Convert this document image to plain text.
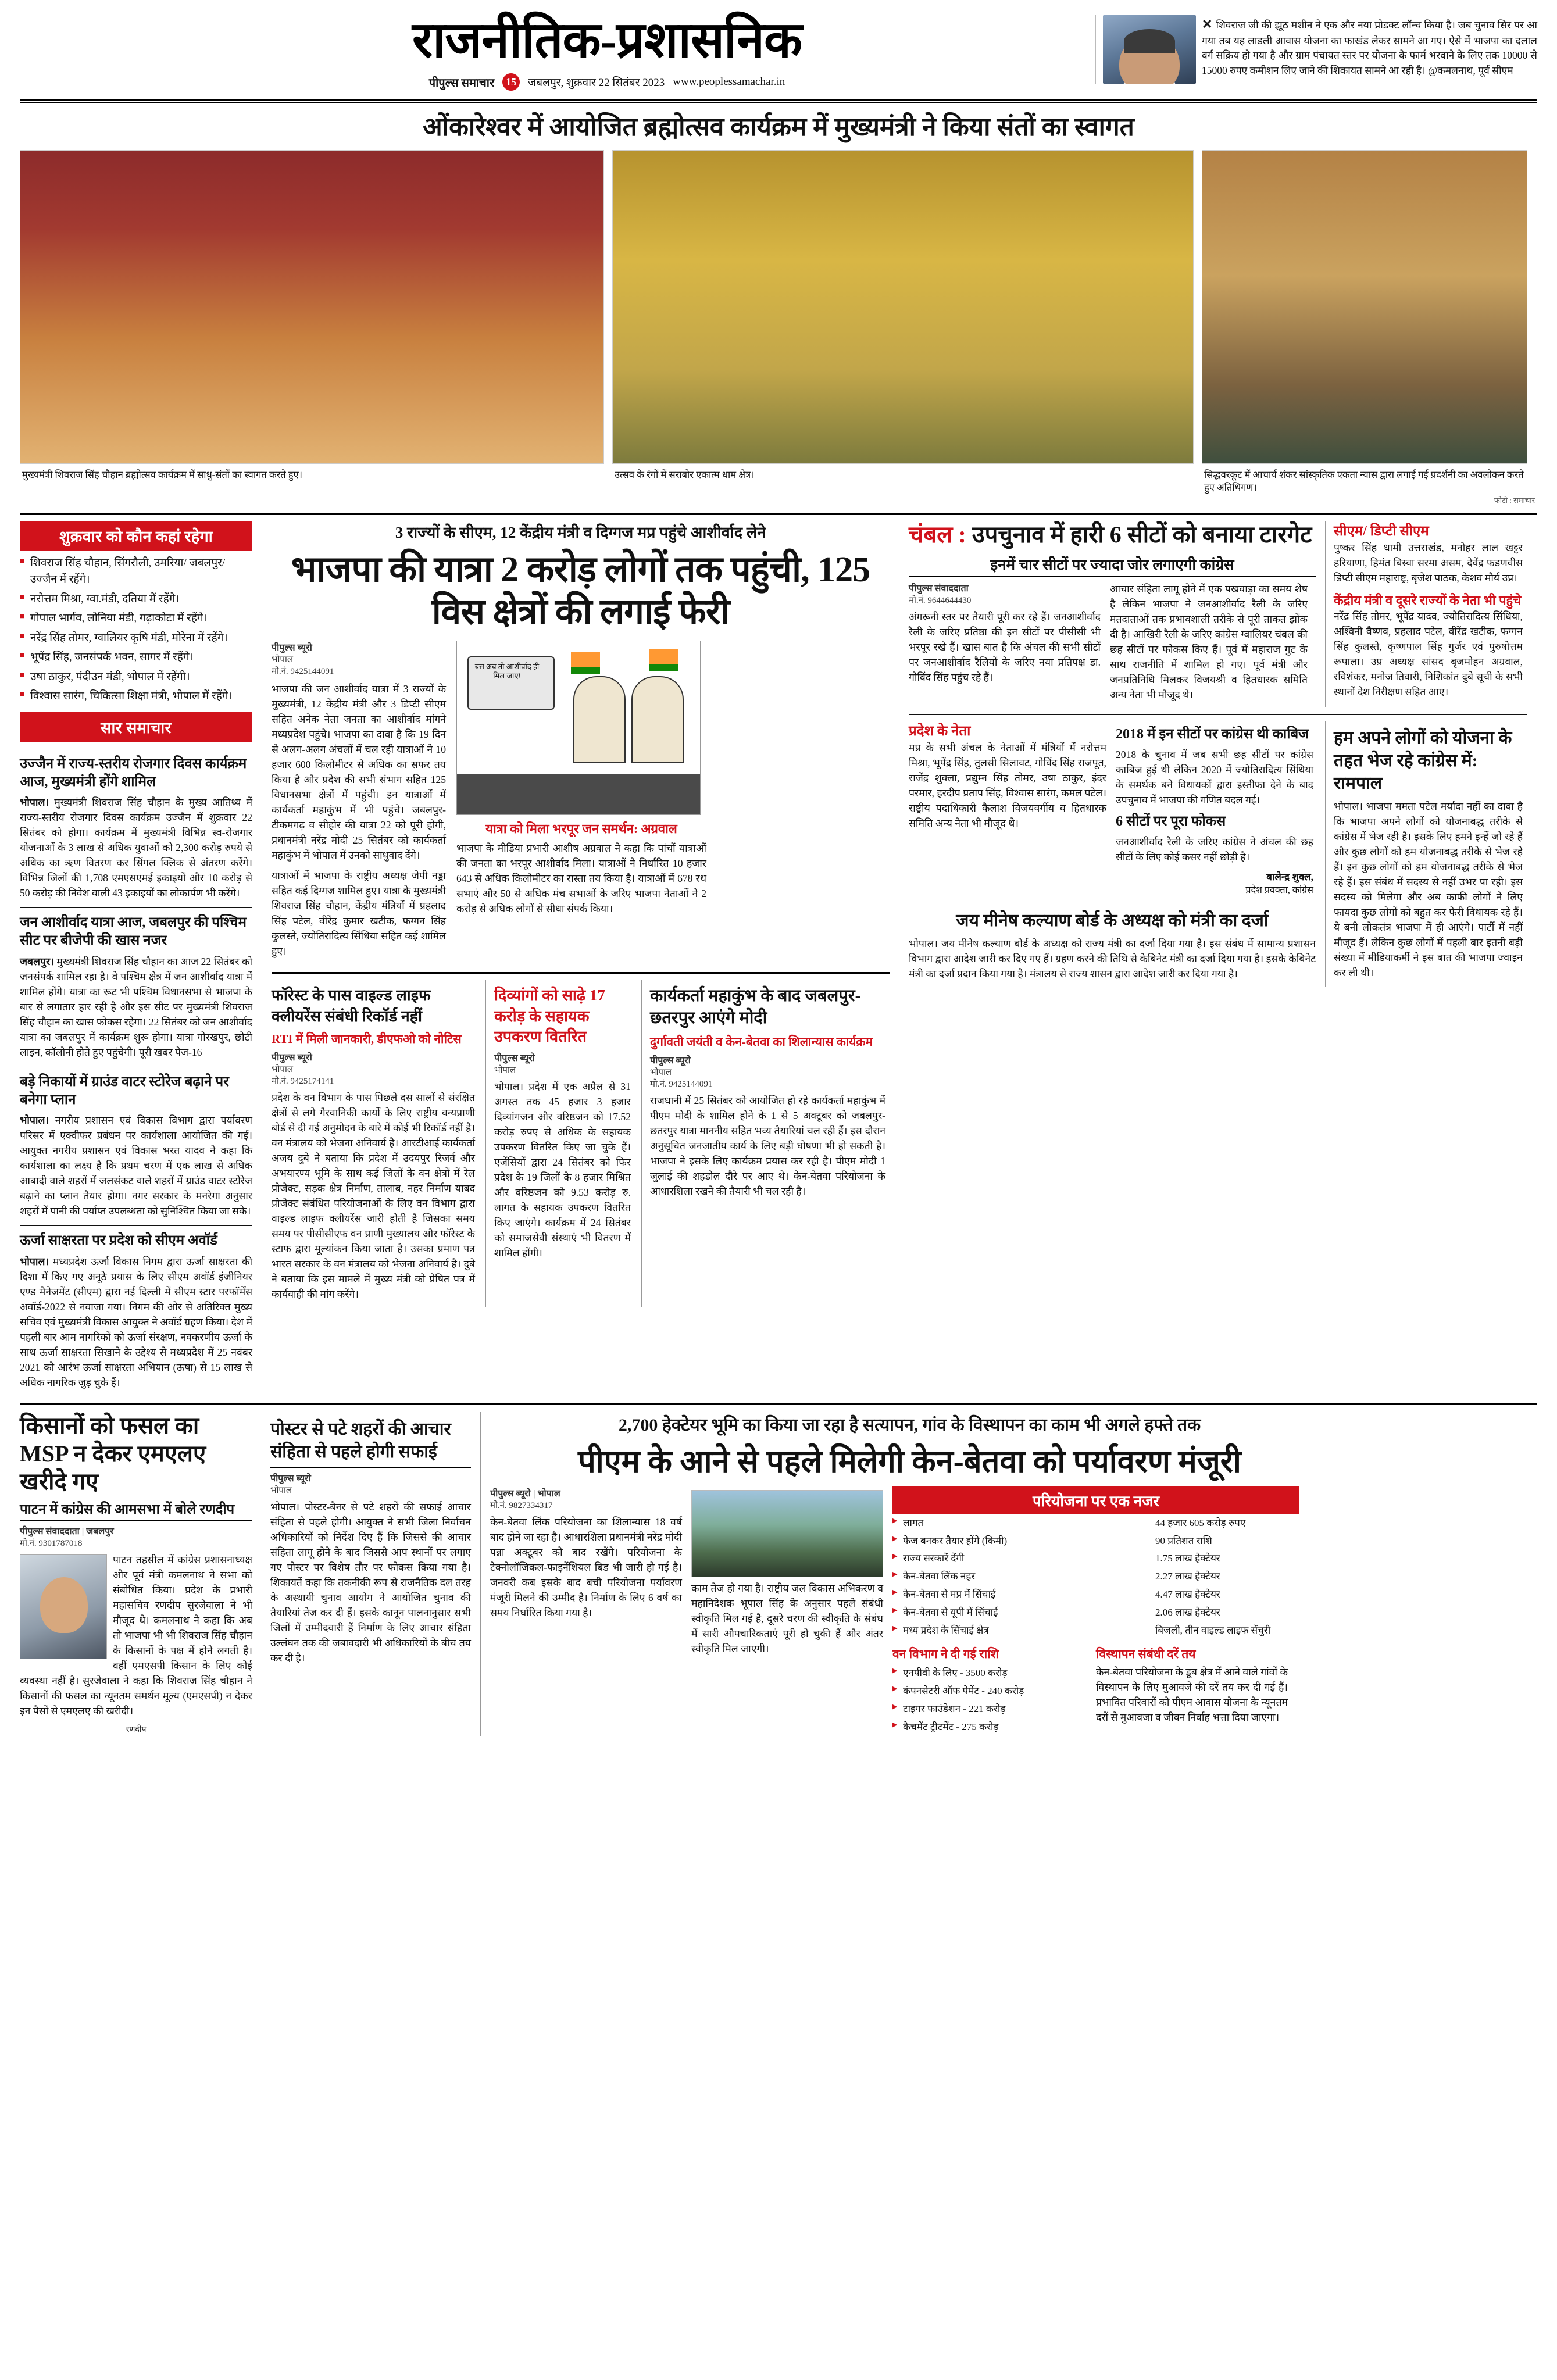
राजनीतिक-प्रशासनिक
पीपुल्स समाचार	15	जबलपुर, शुक्रवार 22 सितंबर 2023 www.peoplessamachar.in
✕ शिवराज जी की झूठ मशीन ने एक और नया प्रोडक्ट लॉन्च किया है। जब चुनाव सिर पर आ गया तब यह लाडली आवास योजना का फाखंड लेकर सामने आ गए। ऐसे में भाजपा का दलाल वर्ग सक्रिय हो गया है और ग्राम पंचायत स्तर पर योजना के फार्म भरवाने के लिए तक 10000 से 15000 रुपए कमीशन लिए जाने की शिकायत सामने आ रही है। @कमलनाथ, पूर्व सीएम
ओंकारेश्वर में आयोजित ब्रह्मोत्सव कार्यक्रम में मुख्यमंत्री ने किया संतों का स्वागत
मुख्यमंत्री शिवराज सिंह चौहान ब्रह्मोत्सव कार्यक्रम में साधु-संतों का स्वागत करते हुए।	उत्सव के रंगों में सराबोर एकात्म धाम क्षेत्र।	सिद्धवरकूट में आचार्य शंकर सांस्कृतिक एकता न्यास द्वारा लगाई गई प्रदर्शनी का अवलोकन करते हुए अतिथिगण।
फोटो : समाचार
शुक्रवार को कौन कहां रहेगा
■ शिवराज सिंह चौहान, सिंगरौली, उमरिया/ जबलपुर/ उज्जैन में रहेंगे।
■ नरोत्तम मिश्रा, ग्वा.मंडी, दतिया में रहेंगे।
■ गोपाल भार्गव, लोनिया मंडी, गढ़ाकोटा में रहेंगे।
■ नरेंद्र सिंह तोमर, ग्वालियर कृषि मंडी, मोरेना में रहेंगे।
■ भूपेंद्र सिंह, जनसंपर्क भवन, सागर में रहेंगे।
■ उषा ठाकुर, पंदीउन मंडी, भोपाल में रहेंगी।
■ विश्वास सारंग, चिकित्सा शिक्षा मंत्री, भोपाल में रहेंगे।
सार समाचार
उज्जैन में राज्य-स्तरीय रोजगार दिवस कार्यक्रम आज, मुख्यमंत्री होंगे शामिल

भोपाल। मुख्यमंत्री शिवराज सिंह चौहान के मुख्य आतिथ्य में राज्य-स्तरीय रोजगार दिवस कार्यक्रम उज्जैन में शुक्रवार 22 सितंबर को होगा। कार्यक्रम में मुख्यमंत्री विभिन्न स्व-रोजगार योजनाओं के 3 लाख से अधिक युवाओं को 2,300 करोड़ रुपये से अधिक का ऋण वितरण कर सिंगल क्लिक से अंतरण करेंगे। विभिन्न जिलों की 1,708 एमएसएमई इकाइयों और 10 करोड़ से 50 करोड़ की निवेश वाली 43 इकाइयों का लोकार्पण भी करेंगे।

जन आशीर्वाद यात्रा आज, जबलपुर की पश्चिम सीट पर बीजेपी की खास नजर

जबलपुर। मुख्यमंत्री शिवराज सिंह चौहान का आज 22 सितंबर को जनसंपर्क शामिल रहा है। वे पश्चिम क्षेत्र में जन आशीर्वाद यात्रा में शामिल होंगे। यात्रा का रूट भी पश्चिम विधानसभा से भाजपा के बार से लगातार हार रही है और इस सीट पर मुख्यमंत्री शिवराज सिंह चौहान का खास फोकस रहेगा। 22 सितंबर को जन आशीर्वाद यात्रा का जबलपुर में कार्यक्रम शुरू होगा। यात्रा गोरखपुर, छोटी लाइन, कॉलोनी होते हुए पहुंचेगी। पूरी खबर पेज-16

बड़े निकायों में ग्राउंड वाटर स्टोरेज बढ़ाने पर बनेगा प्लान

भोपाल। नगरीय प्रशासन एवं विकास विभाग द्वारा पर्यावरण परिसर में एक्वीफर प्रबंधन पर कार्यशाला आयोजित की गई। आयुक्त नगरीय प्रशासन एवं विकास भरत यादव ने कहा कि कार्यशाला का लक्ष्य है कि प्रथम चरण में एक लाख से अधिक आबादी वाले शहरों में जलसंकट वाले शहरों में ग्राउंड वाटर स्टोरेज बढ़ाने का प्लान तैयार होगा। नगर सरकार के मनरेगा अनुसार शहरों में पानी की पर्याप्त उपलब्धता को सुनिश्चित किया जा सके।

ऊर्जा साक्षरता पर प्रदेश को सीएम अवॉर्ड

भोपाल। मध्यप्रदेश ऊर्जा विकास निगम द्वारा ऊर्जा साक्षरता की दिशा में किए गए अनूठे प्रयास के लिए सीएम अवॉर्ड इंजीनियर एण्ड मैनेजमेंट (सीएम) द्वारा नई दिल्ली में सीएम स्टार परफॉर्मेंस अवॉर्ड-2022 से नवाजा गया। निगम की ओर से अतिरिक्त मुख्य सचिव एवं मुख्यमंत्री विकास आयुक्त ने अवॉर्ड ग्रहण किया। देश में पहली बार आम नागरिकों को ऊर्जा संरक्षण, नवकरणीय ऊर्जा के साथ ऊर्जा साक्षरता सिखाने के उद्देश्य से मध्यप्रदेश में 25 नवंबर 2021 को आरंभ ऊर्जा साक्षरता अभियान (ऊषा) से 15 लाख से अधिक नागरिक जुड़ चुके हैं।

3 राज्यों के सीएम, 12 केंद्रीय मंत्री व दिग्गज मप्र पहुंचे आशीर्वाद लेने
भाजपा की यात्रा 2 करोड़ लोगों तक पहुंची, 125 विस क्षेत्रों की लगाई फेरी
पीपुल्स ब्यूरो
भोपाल
मो.नं. 9425144091

भाजपा की जन आशीर्वाद यात्रा में 3 राज्यों के मुख्यमंत्री, 12 केंद्रीय मंत्री और 3 डिप्टी सीएम सहित अनेक नेता जनता का आशीर्वाद मांगने मध्यप्रदेश पहुंचे। भाजपा का दावा है कि 19 दिन से अलग-अलग अंचलों में चल रही यात्राओं ने 10 हजार 600 किलोमीटर से अधिक का सफर तय किया है और प्रदेश की सभी संभाग सहित 125 विधानसभा क्षेत्रों में पहुंची। इन यात्राओं में कार्यकर्ता महाकुंभ में भी पहुंचे। जबलपुर-टीकमगढ़ व सीहोर की यात्रा 22 को पूरी होगी, प्रधानमंत्री नरेंद्र मोदी 25 सितंबर को कार्यकर्ता महाकुंभ में भोपाल में उनको साधुवाद देंगे।

यात्राओं में भाजपा के राष्ट्रीय अध्यक्ष जेपी नड्डा सहित कई दिग्गज शामिल हुए। यात्रा के मुख्यमंत्री शिवराज सिंह चौहान, केंद्रीय मंत्रियों में प्रहलाद सिंह पटेल, वीरेंद्र कुमार खटीक, फग्गन सिंह कुलस्ते, ज्योतिरादित्य सिंधिया सहित कई शामिल हुए।

बस अब तो आशीर्वाद ही मिल जाए!
यात्रा को मिला भरपूर जन समर्थन: अग्रवाल

भाजपा के मीडिया प्रभारी आशीष अग्रवाल ने कहा कि पांचों यात्राओं की जनता का भरपूर आशीर्वाद मिला। यात्राओं ने निर्धारित 10 हजार 643 से अधिक किलोमीटर का रास्ता तय किया है। यात्राओं में 678 रथ सभाएं और 50 से अधिक मंच सभाओं के जरिए भाजपा नेताओं ने 2 करोड़ से अधिक लोगों से सीधा संपर्क किया।

फॉरेस्ट के पास वाइल्ड लाइफ क्लीयरेंस संबंधी रिकॉर्ड नहीं
RTI में मिली जानकारी, डीएफओ को नोटिस
पीपुल्स ब्यूरो
भोपाल
मो.नं. 9425174141

प्रदेश के वन विभाग के पास पिछले दस सालों से संरक्षित क्षेत्रों से लगे गैरवानिकी कार्यों के लिए राष्ट्रीय वन्यप्राणी बोर्ड से दी गई अनुमोदन के बारे में कोई भी रिकॉर्ड नहीं है। वन मंत्रालय को भेजना अनिवार्य है। आरटीआई कार्यकर्ता अजय दुबे ने बताया कि प्रदेश में उदयपुर रिजर्व और अभयारण्य भूमि के साथ कई जिलों के वन क्षेत्रों में रेल प्रोजेक्ट, सड़क क्षेत्र निर्माण, तालाब, नहर निर्माण याबद प्रोजेक्ट संबंधित परियोजनाओं के लिए वन विभाग द्वारा वाइल्ड लाइफ क्लीयरेंस जारी होती है जिसका समय समय पर पीसीसीएफ वन प्राणी मुख्यालय और फॉरेस्ट के स्टाफ द्वारा मूल्यांकन किया जाता है। उसका प्रमाण पत्र भारत सरकार के वन मंत्रालय को भेजना अनिवार्य है। दुबे ने बताया कि इस मामले में मुख्य मंत्री को प्रेषित पत्र में कार्यवाही की मांग करेंगे।

दिव्यांगों को साढ़े 17 करोड़ के सहायक उपकरण वितरित
पीपुल्स ब्यूरो
भोपाल

भोपाल। प्रदेश में एक अप्रैल से 31 अगस्त तक 45 हजार 3 हजार दिव्यांगजन और वरिष्ठजन को 17.52 करोड़ रुपए से अधिक के सहायक उपकरण वितरित किए जा चुके हैं। एजेंसियों द्वारा 24 सितंबर को फिर प्रदेश के 19 जिलों के 8 हजार मिश्रित और वरिष्ठजन को 9.53 करोड़ रु. लागत के सहायक उपकरण वितरित किए जाएंगे। कार्यक्रम में 24 सितंबर को समाजसेवी संस्थाएं भी वितरण में शामिल होंगी।

कार्यकर्ता महाकुंभ के बाद जबलपुर-छतरपुर आएंगे मोदी
दुर्गावती जयंती व केन-बेतवा का शिलान्यास कार्यक्रम
पीपुल्स ब्यूरो
भोपाल
मो.नं. 9425144091

राजधानी में 25 सितंबर को आयोजित हो रहे कार्यकर्ता महाकुंभ में पीएम मोदी के शामिल होने के 1 से 5 अक्टूबर को जबलपुर-छतरपुर यात्रा माननीय सहित भव्य तैयारियां चल रही हैं। इस दौरान अनुसूचित जनजातीय कार्य के लिए बड़ी घोषणा भी हो सकती है। भाजपा ने इसके लिए कार्यक्रम प्रयास कर रही है। पीएम मोदी 1 जुलाई की शहडोल दौरे पर आए थे। केन-बेतवा परियोजना के आधारशिला रखने की तैयारी भी चल रही है।

चंबल : उपचुनाव में हारी 6 सीटों को बनाया टारगेट
इनमें चार सीटों पर ज्यादा जोर लगाएगी कांग्रेस
पीपुल्स संवाददाता
मो.नं. 9644644430

अंगरूनी स्तर पर तैयारी पूरी कर रहे हैं। जनआशीर्वाद रैली के जरिए प्रतिष्ठा की इन सीटों पर पीसीसी भी भरपूर रखे हैं। खास बात है कि अंचल की सभी सीटों पर जनआशीर्वाद रैलियों के जरिए नया प्रतिपक्ष डा. गोविंद सिंह पहुंच रहे हैं।

आचार संहिता लागू होने में एक पखवाड़ा का समय शेष है लेकिन भाजपा ने जनआशीर्वाद रैली के जरिए मतदाताओं तक प्रभावशाली तरीके से पूरी ताकत झोंक दी है। आखिरी रैली के जरिए कांग्रेस ग्वालियर चंबल की छह सीटों पर फोकस किए हैं। पूर्व में महाराज गुट के साथ राजनीति में शामिल हो गए। पूर्व मंत्री और जनप्रतिनिधि मिलकर विजयश्री व हितधारक समिति अन्य नेता भी मौजूद थे।

सीएम/ डिप्टी सीएम

पुष्कर सिंह धामी उत्तराखंड, मनोहर लाल खट्टर हरियाणा, हिमंत बिस्वा सरमा असम, देवेंद्र फडणवीस डिप्टी सीएम महाराष्ट्र, बृजेश पाठक, केशव मौर्य उप्र।

केंद्रीय मंत्री व दूसरे राज्यों के नेता भी पहुंचे

नरेंद्र सिंह तोमर, भूपेंद्र यादव, ज्योतिरादित्य सिंधिया, अश्विनी वैष्णव, प्रहलाद पटेल, वीरेंद्र खटीक, फग्गन सिंह कुलस्ते, कृष्णपाल सिंह गुर्जर एवं पुरुषोत्तम रूपाला। उप्र अध्यक्ष सांसद बृजमोहन अग्रवाल, रविशंकर, मनोज तिवारी, निशिकांत दुबे सूची के सभी स्थानों देश निरीक्षण सहित आए।

प्रदेश के नेता

मप्र के सभी अंचल के नेताओं में मंत्रियों में नरोत्तम मिश्रा, भूपेंद्र सिंह, तुलसी सिलावट, गोविंद सिंह राजपूत, राजेंद्र शुक्ला, प्रद्युम्न सिंह तोमर, उषा ठाकुर, इंदर परमार, हरदीप प्रताप सिंह, विश्वास सारंग, कमल पटेल। राष्ट्रीय पदाधिकारी कैलाश विजयवर्गीय व हितधारक समिति अन्य नेता भी मौजूद थे।

2018 में इन सीटों पर कांग्रेस थी काबिज

2018 के चुनाव में जब सभी छह सीटों पर कांग्रेस काबिज हुई थी लेकिन 2020 में ज्योतिरादित्य सिंधिया के समर्थक बने विधायकों द्वारा इस्तीफा देने के बाद उपचुनाव में भाजपा की गणित बदल गई।

6 सीटों पर पूरा फोकस

जनआशीर्वाद रैली के जरिए कांग्रेस ने अंचल की छह सीटों के लिए कोई कसर नहीं छोड़ी है।

बालेन्द्र शुक्ल,
प्रदेश प्रवक्ता, कांग्रेस
जय मीनेष कल्याण बोर्ड के अध्यक्ष को मंत्री का दर्जा

भोपाल। जय मीनेष कल्याण बोर्ड के अध्यक्ष को राज्य मंत्री का दर्जा दिया गया है। इस संबंध में सामान्य प्रशासन विभाग द्वारा आदेश जारी कर दिए गए हैं। ग्रहण करने की तिथि से केबिनेट मंत्री का दर्जा दिया गया है। इसके केबिनेट मंत्री का दर्जा प्रदान किया गया है। मंत्रालय से राज्य शासन द्वारा आदेश जारी कर दिया गया है।

हम अपने लोगों को योजना के तहत भेज रहे कांग्रेस में: रामपाल

भोपाल। भाजपा ममता पटेल मर्यादा नहीं का दावा है कि भाजपा अपने लोगों को योजनाबद्ध तरीके से कांग्रेस में भेज रही है। इसके लिए हमने इन्हें जो रहे हैं और कुछ लोगों को हम योजनाबद्ध तरीके से भेज रहे हैं। इन कुछ लोगों को हम योजनाबद्ध तरीके से भेज रहे हैं। इस संबंध में सदस्य से नहीं उभर पा रही। इस सदस्य को मिलेगा और अब काफी लोगों ने लिए फायदा कुछ लोगों को बहुत कर फेरी विधायक रहे हैं। ये बनी लोकतंत्र भाजपा में ही आएंगे। पार्टी में नहीं मौजूद हैं। लेकिन कुछ लोगों में पहली बार इतनी बड़ी संख्या में मीडियाकर्मी ने इस बात की भाजपा ज्वाइन कर ली थी।

किसानों को फसल का MSP न देकर एमएलए खरीदे गए
पाटन में कांग्रेस की आमसभा में बोले रणदीप
पीपुल्स संवाददाता | जबलपुर
मो.नं. 9301787018

पाटन तहसील में कांग्रेस प्रशासनाध्यक्ष और पूर्व मंत्री कमलनाथ ने सभा को संबोधित किया। प्रदेश के प्रभारी महासचिव रणदीप सुरजेवाला ने भी मौजूद थे। कमलनाथ ने कहा कि अब तो भाजपा भी भी शिवराज सिंह चौहान के किसानों के पक्ष में होने लगती है। वहीं एमएसपी किसान के लिए कोई व्यवस्था नहीं है। सुरजेवाला ने कहा कि शिवराज सिंह चौहान ने किसानों की फसल का न्यूनतम समर्थन मूल्य (एमएसपी) न देकर इन पैसों से एमएलए की खरीदी।

रणदीप
पोस्टर से पटे शहरों की आचार संहिता से पहले होगी सफाई
पीपुल्स ब्यूरो
भोपाल

भोपाल। पोस्टर-बैनर से पटे शहरों की सफाई आचार संहिता से पहले होगी। आयुक्त ने सभी जिला निर्वाचन अधिकारियों को निर्देश दिए हैं कि जिससे की आचार संहिता लागू होने के बाद जिससे आप स्थानों पर लगाए गए पोस्टर पर विशेष तौर पर फोकस किया गया है। शिकायतें कहा कि तकनीकी रूप से राजनैतिक दल तरह के अस्थायी चुनाव आयोग ने आयोजित चुनाव की तैयारियां तेज कर दी हैं। इसके कानून पालनानुसार सभी जिलों में उम्मीदवारी हैं निर्माण के लिए आचार संहिता उल्लंघन तक की जबावदारी भी अधिकारियों के बीच तय कर दी है।

2,700 हेक्टेयर भूमि का किया जा रहा है सत्यापन, गांव के विस्थापन का काम भी अगले हफ्ते तक
पीएम के आने से पहले मिलेगी केन-बेतवा को पर्यावरण मंजूरी
पीपुल्स ब्यूरो | भोपाल
मो.नं. 9827334317

केन-बेतवा लिंक परियोजना का शिलान्यास 18 वर्ष बाद होने जा रहा है। आधारशिला प्रधानमंत्री नरेंद्र मोदी पन्ना अक्टूबर को बाद रखेंगे। परियोजना के टेक्नोलॉजिकल-फाइनेंशियल बिड भी जारी हो गई है। जनवरी कब इसके बाद बची परियोजना पर्यावरण मंजूरी मिलने की उम्मीद है। निर्माण के लिए 6 वर्ष का समय निर्धारित किया गया है।

काम तेज हो गया है। राष्ट्रीय जल विकास अभिकरण व महानिदेशक भूपाल सिंह के अनुसार पहले संबंधी स्वीकृति मिल गई है, दूसरे चरण की स्वीकृति के संबंध में सारी औपचारिकताएं पूरी हो चुकी हैं और अंतर स्वीकृति मिल जाएगी।

परियोजना पर एक नजर
▶ लागत	44 हजार 605 करोड़ रुपए
▶ फेज बनकर तैयार होंगे (किमी)	90 प्रतिशत राशि
▶ राज्य सरकारें देंगी	1.75 लाख हेक्टेयर
▶ केन-बेतवा लिंक नहर	2.27 लाख हेक्टेयर
▶ केन-बेतवा से मप्र में सिंचाई	4.47 लाख हेक्टेयर
▶ केन-बेतवा से यूपी में सिंचाई	2.06 लाख हेक्टेयर
▶ मध्य प्रदेश के सिंचाई क्षेत्र	बिजली, तीन वाइल्ड लाइफ सेंचुरी
वन विभाग ने दी गई राशि
▶ एनपीवी के लिए - 3500 करोड़
▶ कंपनसेटरी ऑफ पेमेंट - 240 करोड़
▶ टाइगर फाउंडेशन - 221 करोड़
▶ कैचमेंट ट्रीटमेंट - 275 करोड़
विस्थापन संबंधी दरें तय

केन-बेतवा परियोजना के डूब क्षेत्र में आने वाले गांवों के विस्थापन के लिए मुआवजे की दरें तय कर दी गई हैं। प्रभावित परिवारों को पीएम आवास योजना के न्यूनतम दरों से मुआवजा व जीवन निर्वाह भत्ता दिया जाएगा।
